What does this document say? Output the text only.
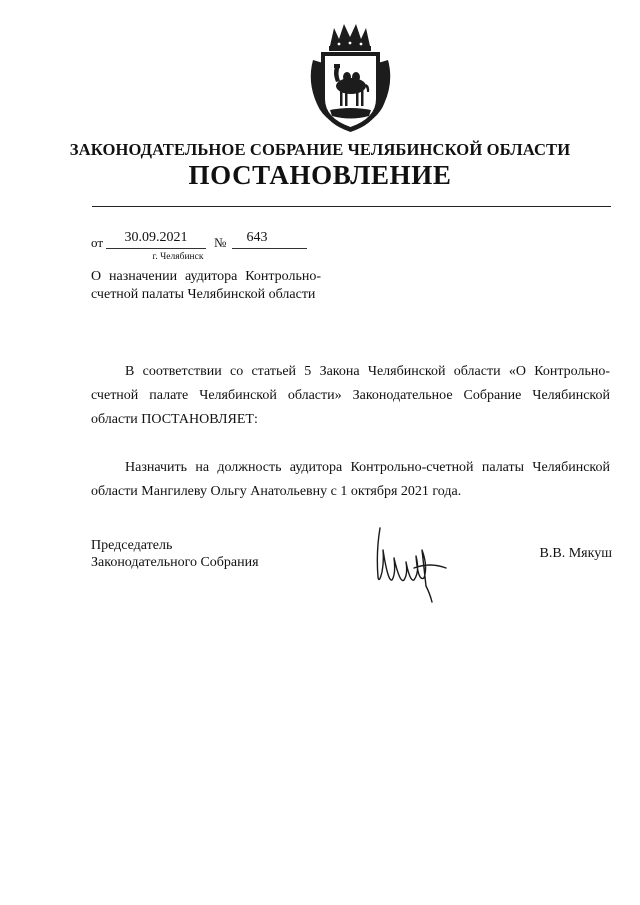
ЗАКОНОДАТЕЛЬНОЕ СОБРАНИЕ ЧЕЛЯБИНСКОЙ ОБЛАСТИ
ПОСТАНОВЛЕНИЕ
от	30.09.2021	№	643
г. Челябинск
О назначении аудитора Контрольно-счетной палаты Челябинской области
В соответствии со статьей 5 Закона Челябинской области «О Контрольно-счетной палате Челябинской области» Законодательное Собрание Челябинской области ПОСТАНОВЛЯЕТ:
Назначить на должность аудитора Контрольно-счетной палаты Челябинской области Мангилеву Ольгу Анатольевну с 1 октября 2021 года.
Председатель
Законодательного Собрания
В.В. Мякуш
